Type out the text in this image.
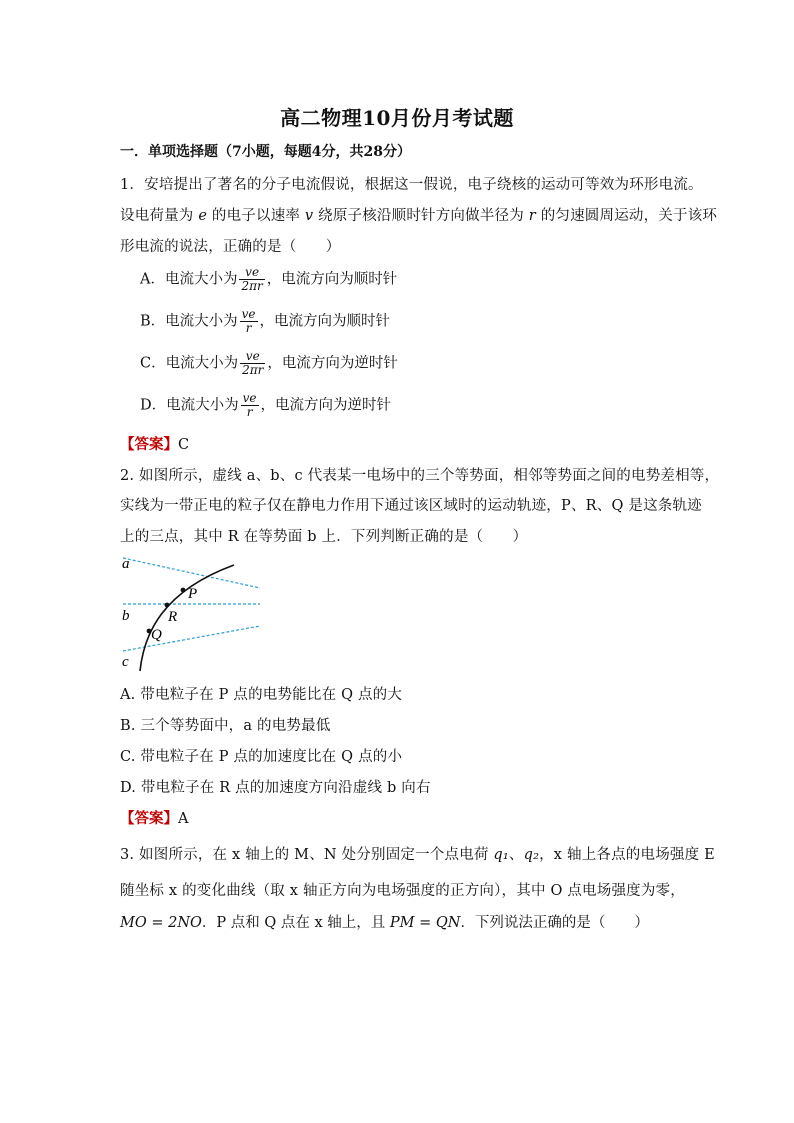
高二物理10月份月考试题
一．单项选择题（7小题，每题4分，共28分）
1．安培提出了著名的分子电流假说，根据这一假说，电子绕核的运动可等效为环形电流。
设电荷量为 e 的电子以速率 v 绕原子核沿顺时针方向做半径为 r 的匀速圆周运动，关于该环
形电流的说法，正确的是（　　）
A．电流大小为 $\frac{ve}{2\pi r}$ ，电流方向为顺时针
B．电流大小为 $\frac{ve}{r}$ ，电流方向为顺时针
C．电流大小为 $\frac{ve}{2\pi r}$ ，电流方向为逆时针
D．电流大小为 $\frac{ve}{r}$ ，电流方向为逆时针
【答案】C
2. 如图所示，虚线 a、b、c 代表某一电场中的三个等势面，相邻等势面之间的电势差相等，
实线为一带正电的粒子仅在静电力作用下通过该区域时的运动轨迹，P、R、Q 是这条轨迹
上的三点，其中 R 在等势面 b 上．下列判断正确的是（　　）
a
b
c
P
R
Q
A. 带电粒子在 P 点的电势能比在 Q 点的大
B. 三个等势面中，a 的电势最低
C. 带电粒子在 P 点的加速度比在 Q 点的小
D. 带电粒子在 R 点的加速度方向沿虚线 b 向右
【答案】A
3. 如图所示，在 x 轴上的 M、N 处分别固定一个点电荷 q₁、q₂，x 轴上各点的电场强度 E
随坐标 x 的变化曲线（取 x 轴正方向为电场强度的正方向），其中 O 点电场强度为零，
MO = 2NO．P 点和 Q 点在 x 轴上，且 PM = QN．下列说法正确的是（　　）
